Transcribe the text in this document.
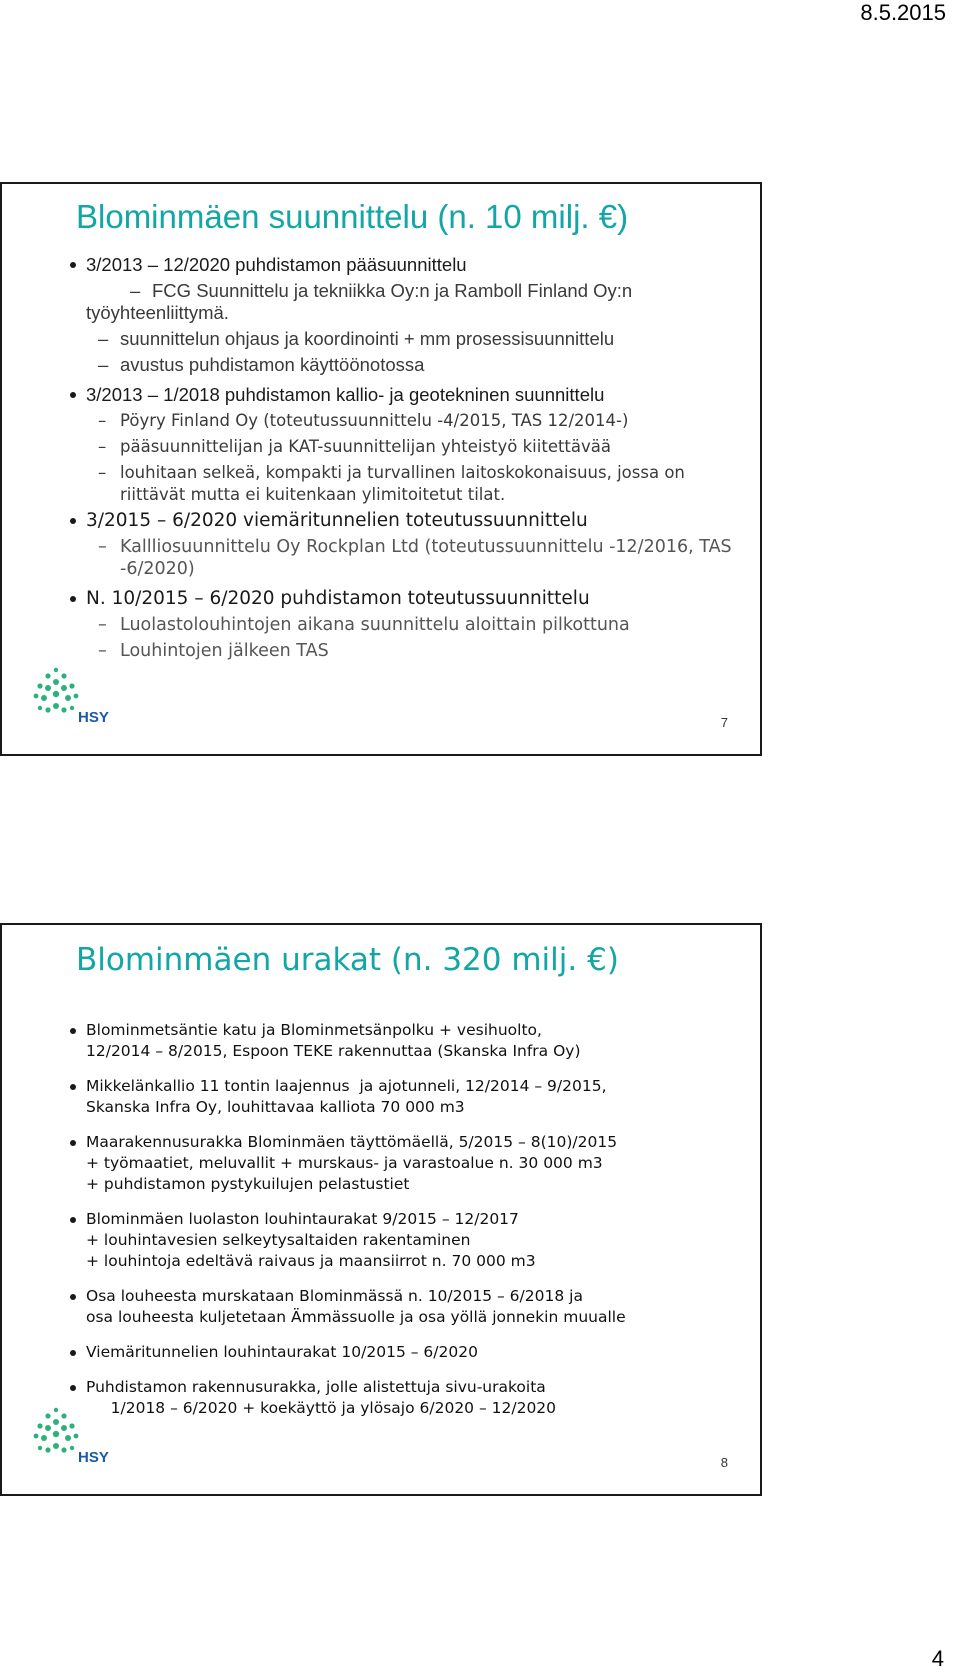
8.5.2015
Blominmäen suunnittelu (n. 10 milj. €)
3/2013 – 12/2020 puhdistamon pääsuunnittelu
– FCG Suunnittelu ja tekniikka Oy:n ja Ramboll Finland Oy:n työyhteenliittymä.
– suunnittelun ohjaus ja koordinointi + mm prosessisuunnittelu
– avustus puhdistamon käyttöönotossa
3/2013 – 1/2018 puhdistamon kallio- ja geotekninen suunnittelu
– Pöyry Finland Oy (toteutussuunnittelu -4/2015, TAS 12/2014-)
– pääsuunnittelijan ja KAT-suunnittelijan yhteistyö kiitettävää
– louhitaan selkeä, kompakti ja turvallinen laitoskokonaisuus, jossa on riittävät mutta ei kuitenkaan ylimitoitetut tilat.
3/2015 – 6/2020 viemäritunnelien toteutussuunnittelu
– Kallliosuunnittelu Oy Rockplan Ltd (toteutussuunnittelu -12/2016, TAS -6/2020)
N. 10/2015 – 6/2020 puhdistamon toteutussuunnittelu
– Luolastolouhintojen aikana suunnittelu aloittain pilkottuna
– Louhintojen jälkeen TAS
HSY	7
Blominmäen urakat (n. 320 milj. €)
Blominmetsäntie katu ja Blominmetsänpolku + vesihuolto,
12/2014 – 8/2015, Espoon TEKE rakennuttaa (Skanska Infra Oy)
Mikkelänkallio 11 tontin laajennus  ja ajotunneli, 12/2014 – 9/2015,
Skanska Infra Oy, louhittavaa kalliota 70 000 m3
Maarakennusurakka Blominmäen täyttömäellä, 5/2015 – 8(10)/2015
+ työmaatiet, meluvallit + murskaus- ja varastoalue n. 30 000 m3
+ puhdistamon pystykuilujen pelastustiet
Blominmäen luolaston louhintaurakat 9/2015 – 12/2017
+ louhintavesien selkeytysaltaiden rakentaminen
+ louhintoja edeltävä raivaus ja maansiirrot n. 70 000 m3
Osa louheesta murskataan Blominmässä n. 10/2015 – 6/2018 ja
osa louheesta kuljetetaan Ämmässuolle ja osa yöllä jonnekin muualle
Viemäritunnelien louhintaurakat 10/2015 – 6/2020
Puhdistamon rakennusurakka, jolle alistettuja sivu-urakoita
1/2018 – 6/2020 + koekäyttö ja ylösajo 6/2020 – 12/2020
HSY	8
4
